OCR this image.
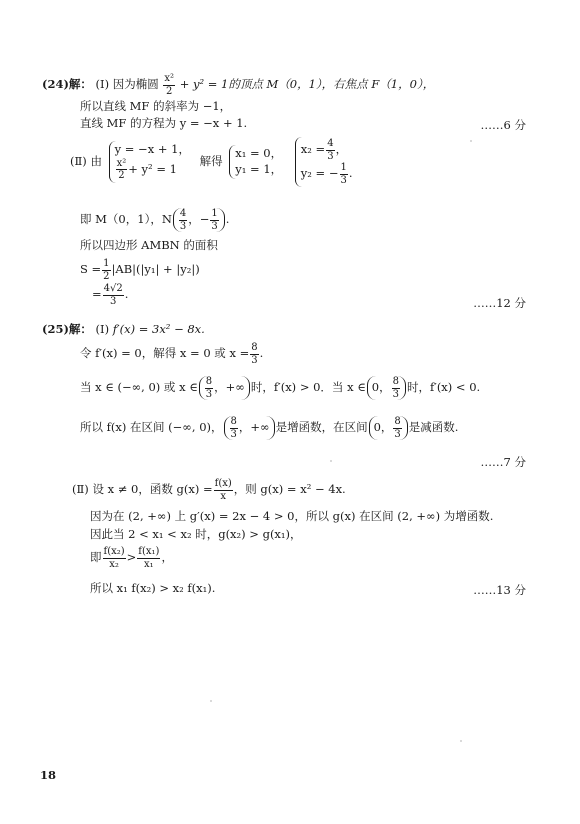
(24)解： (Ⅰ) 因为椭圆 $\frac{\text{x²}}{2} + y^2 = 1$的顶点 M（0，1），右焦点 F（1，0），
所以直线 MF 的斜率为 −1，
直线 MF 的方程为 y = −x + 1.	……6 分
(Ⅱ) 由
y = −x + 1，
$\frac{\text{x²}}{2} + y^2 = 1$
解得
x₁ = 0，
y₁ = 1，

$x_2 = \frac{4}{3}$ ，
y₂ = − $\frac{1}{3}$ .
即 M（0，1），N $\frac{4}{3}$ ，− $\frac{1}{3}$ .
所以四边形 AMBN 的面积
$S = \frac{1}{2} |AB|(|y_1| + |y_2|)$
= $\frac{4√2}{3}$ .
……12 分
(25)解： (Ⅰ) f′(x) = 3x² − 8x.
令 f′(x) = 0，解得 x = 0 或 $x = \frac{8}{3}$ .
当 x ∈ (−∞, 0) 或 x ∈ $\frac{8}{3}$ ，+∞ 时，f′(x) > 0．当 x ∈ 0， $\frac{8}{3}$ 时，f′(x) < 0.
所以 f(x) 在区间 (−∞, 0)， $\frac{8}{3}$ ，+∞ 是增函数，在区间 0， $\frac{8}{3}$ 是减函数.
……7 分
(Ⅱ) 设 x ≠ 0，函数 $g(x) = \frac{f(x)}{x}$ ，则 g(x) = x² − 4x.
因为在 (2, +∞) 上 g′(x) = 2x − 4 > 0，所以 g(x) 在区间 (2, +∞) 为增函数.
因此当 2 < x₁ < x₂ 时，g(x₂) > g(x₁)，
即 $\frac{\text{f(x₂)}}{\text{x₂}} > \frac{\text{f(x₁)}}{\text{x₁}}$ ，
所以 x₁ f(x₂) > x₂ f(x₁).	……13 分
18
